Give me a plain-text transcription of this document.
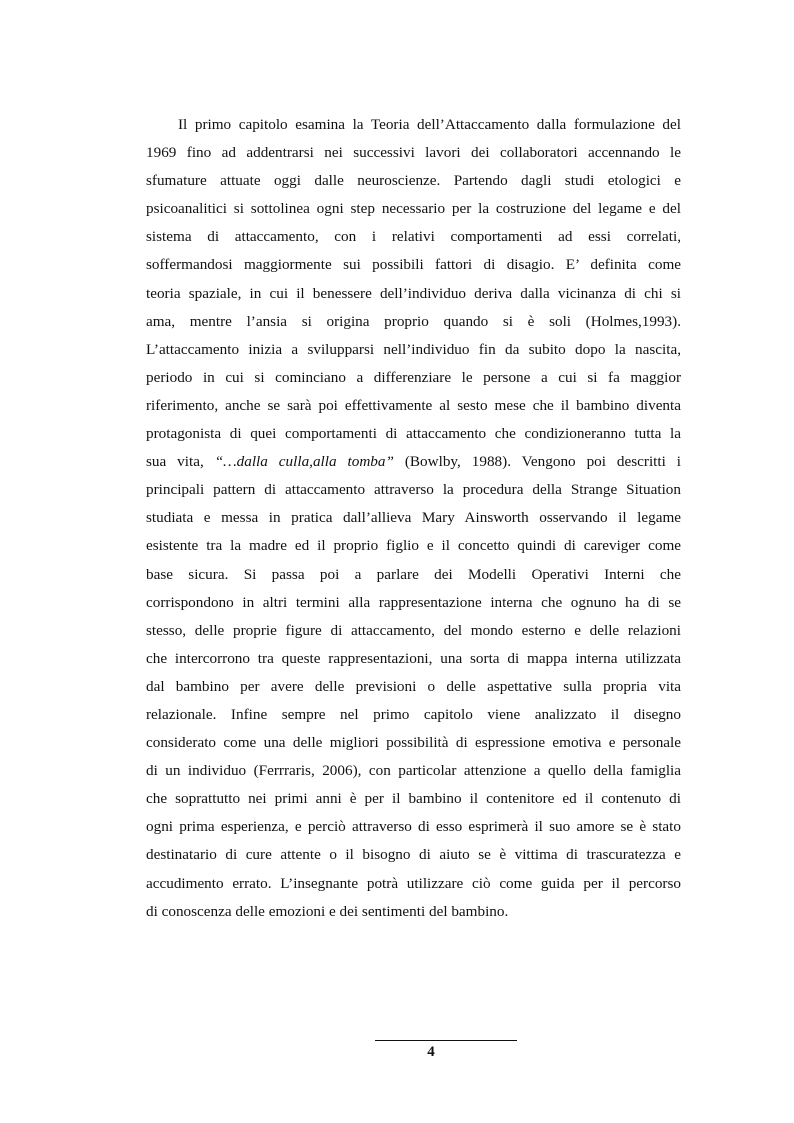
Il primo capitolo esamina la Teoria dell’Attaccamento dalla formulazione del
1969 fino ad addentrarsi nei successivi lavori dei collaboratori accennando le
sfumature attuate oggi dalle neuroscienze. Partendo dagli studi etologici e
psicoanalitici si sottolinea ogni step necessario per la costruzione del legame e del
sistema di attaccamento, con i relativi comportamenti ad essi correlati,
soffermandosi maggiormente sui possibili fattori di disagio. E’ definita come
teoria spaziale, in cui il benessere dell’individuo deriva dalla vicinanza di chi si
ama, mentre l’ansia si origina proprio quando si è soli (Holmes,1993).
L’attaccamento inizia a svilupparsi nell’individuo fin da subito dopo la nascita,
periodo in cui si cominciano a differenziare le persone a cui si fa maggior
riferimento, anche se sarà poi effettivamente al sesto mese che il bambino diventa
protagonista di quei comportamenti di attaccamento che condizioneranno tutta la
sua vita, “…dalla culla,alla tomba” (Bowlby, 1988). Vengono poi descritti i
principali pattern di attaccamento attraverso la procedura della Strange Situation
studiata e messa in pratica dall’allieva Mary Ainsworth osservando il legame
esistente tra la madre ed il proprio figlio e il concetto quindi di careviger come
base sicura. Si passa poi a parlare dei Modelli Operativi Interni che
corrispondono in altri termini alla rappresentazione interna che ognuno ha di se
stesso, delle proprie figure di attaccamento, del mondo esterno e delle relazioni
che intercorrono tra queste rappresentazioni, una sorta di mappa interna utilizzata
dal bambino per avere delle previsioni o delle aspettative sulla propria vita
relazionale. Infine sempre nel primo capitolo viene analizzato il disegno
considerato come una delle migliori possibilità di espressione emotiva e personale
di un individuo (Ferrraris, 2006), con particolar attenzione a quello della famiglia
che soprattutto nei primi anni è per il bambino il contenitore ed il contenuto di
ogni prima esperienza, e perciò attraverso di esso esprimerà il suo amore se è stato
destinatario di cure attente o il bisogno di aiuto se è vittima di trascuratezza e
accudimento errato. L’insegnante potrà utilizzare ciò come guida per il percorso
di conoscenza delle emozioni e dei sentimenti del bambino.
4
